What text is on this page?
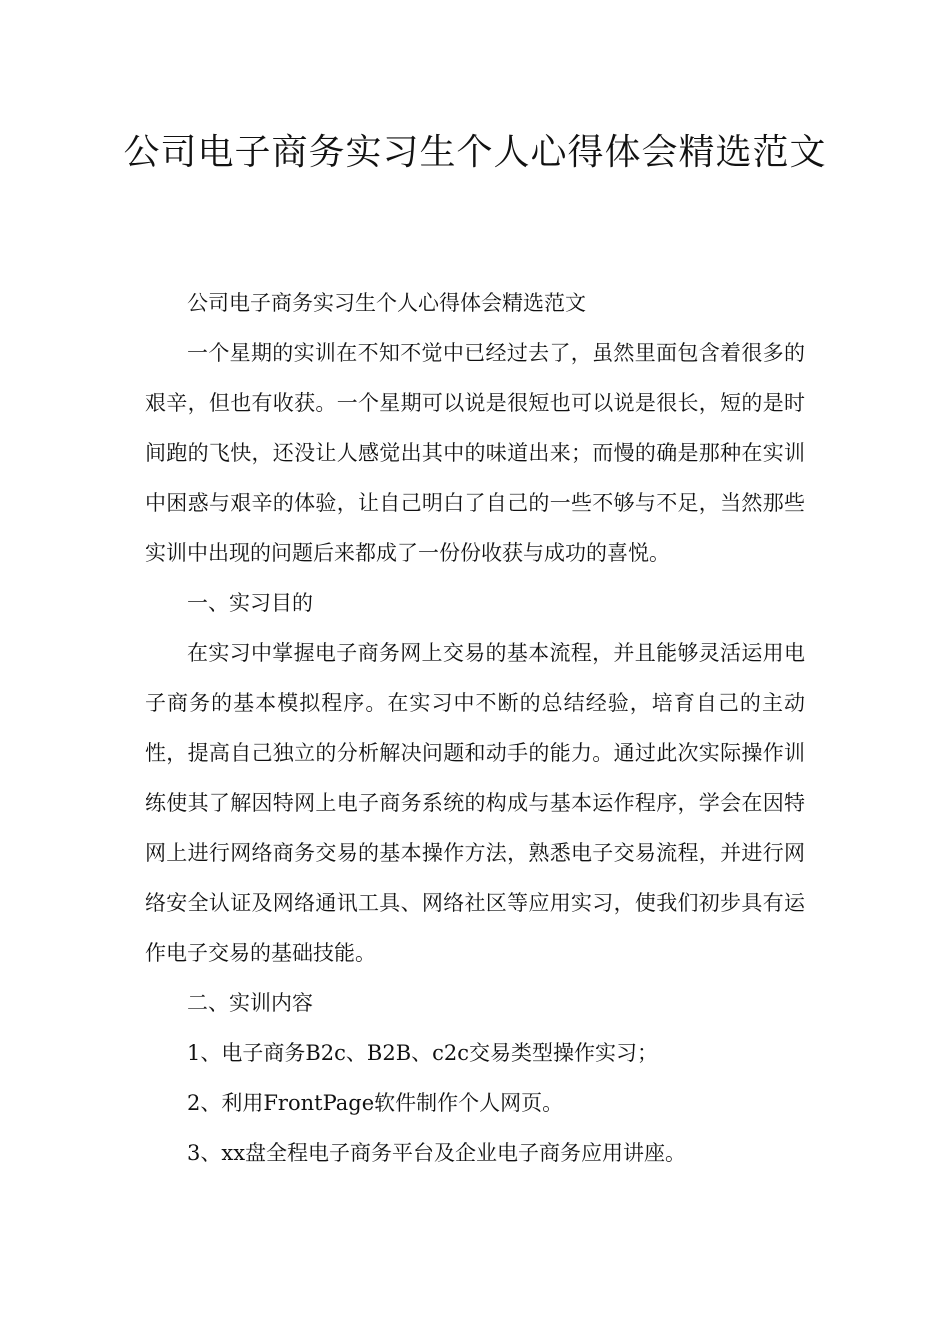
公司电子商务实习生个人心得体会精选范文

公司电子商务实习生个人心得体会精选范文

一个星期的实训在不知不觉中已经过去了，虽然里面包含着很多的艰辛，但也有收获。一个星期可以说是很短也可以说是很长，短的是时间跑的飞快，还没让人感觉出其中的味道出来；而慢的确是那种在实训中困惑与艰辛的体验，让自己明白了自己的一些不够与不足，当然那些实训中出现的问题后来都成了一份份收获与成功的喜悦。

一、实习目的

在实习中掌握电子商务网上交易的基本流程，并且能够灵活运用电子商务的基本模拟程序。在实习中不断的总结经验，培育自己的主动性，提高自己独立的分析解决问题和动手的能力。通过此次实际操作训练使其了解因特网上电子商务系统的构成与基本运作程序，学会在因特网上进行网络商务交易的基本操作方法，熟悉电子交易流程，并进行网络安全认证及网络通讯工具、网络社区等应用实习，使我们初步具有运作电子交易的基础技能。

二、实训内容

1、电子商务B2c、B2B、c2c交易类型操作实习；

2、利用FrontPage软件制作个人网页。

3、xx盘全程电子商务平台及企业电子商务应用讲座。
